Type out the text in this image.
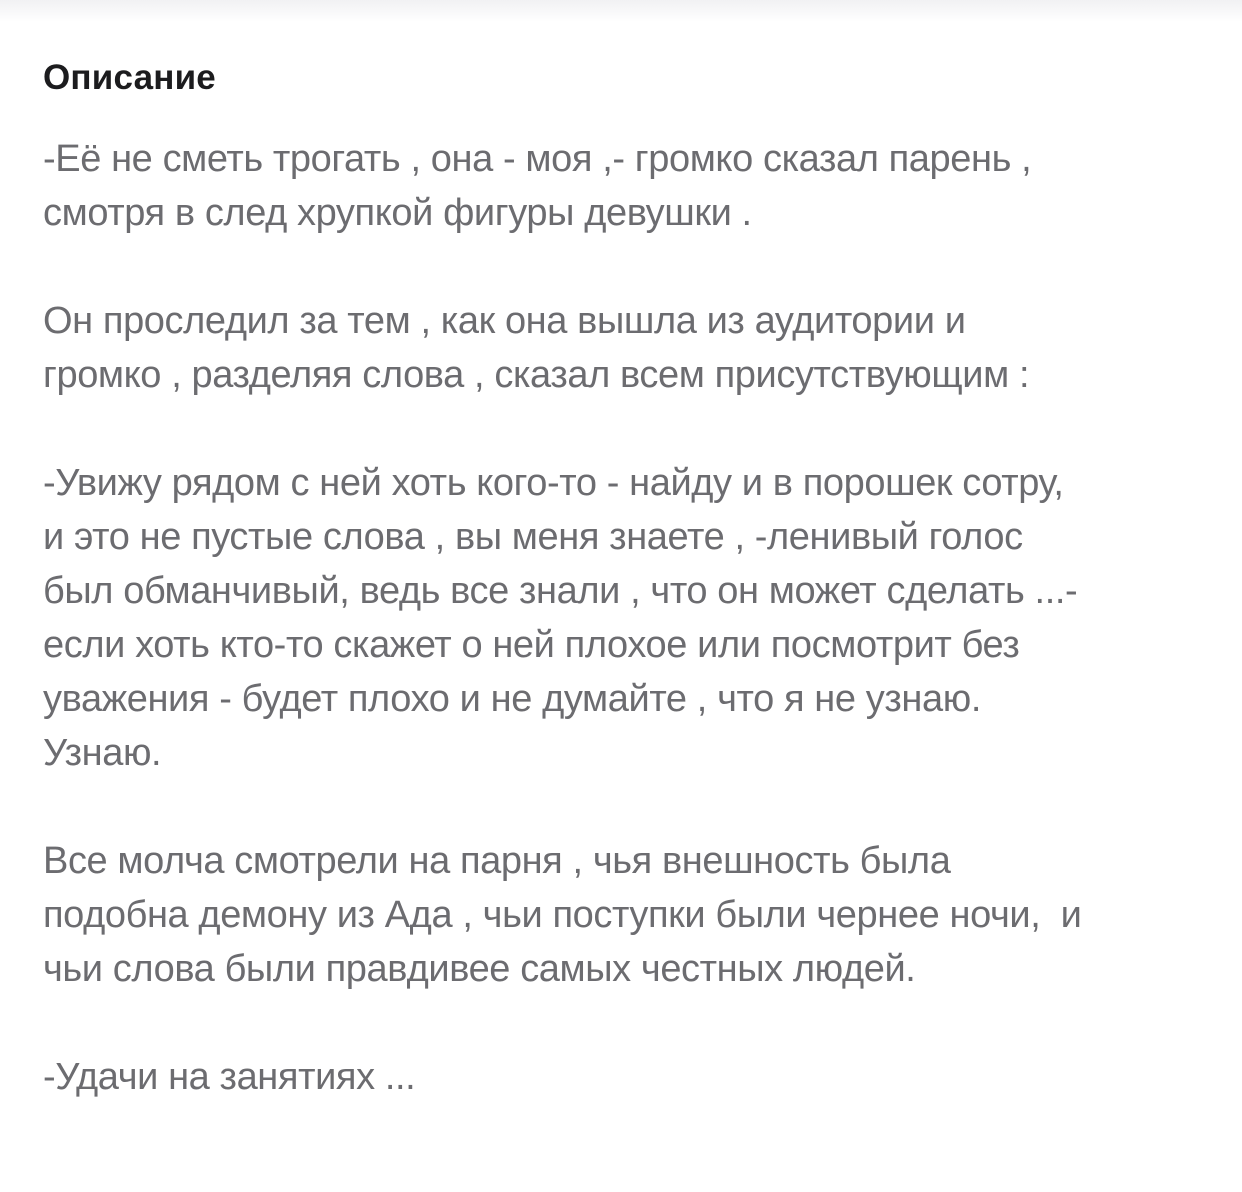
Описание

-Её не сметь трогать , она - моя ,- громко сказал парень ,
смотря в след хрупкой фигуры девушки .

Он проследил за тем , как она вышла из аудитории и
громко , разделяя слова , сказал всем присутствующим :

-Увижу рядом с ней хоть кого-то - найду и в порошек сотру,
и это не пустые слова , вы меня знаете , -ленивый голос
был обманчивый, ведь все знали , что он может сделать ...-
если хоть кто-то скажет о ней плохое или посмотрит без
уважения - будет плохо и не думайте , что я не узнаю.
Узнаю.

Все молча смотрели на парня , чья внешность была
подобна демону из Ада , чьи поступки были чернее ночи,  и
чьи слова были правдивее самых честных людей.

-Удачи на занятиях ...
